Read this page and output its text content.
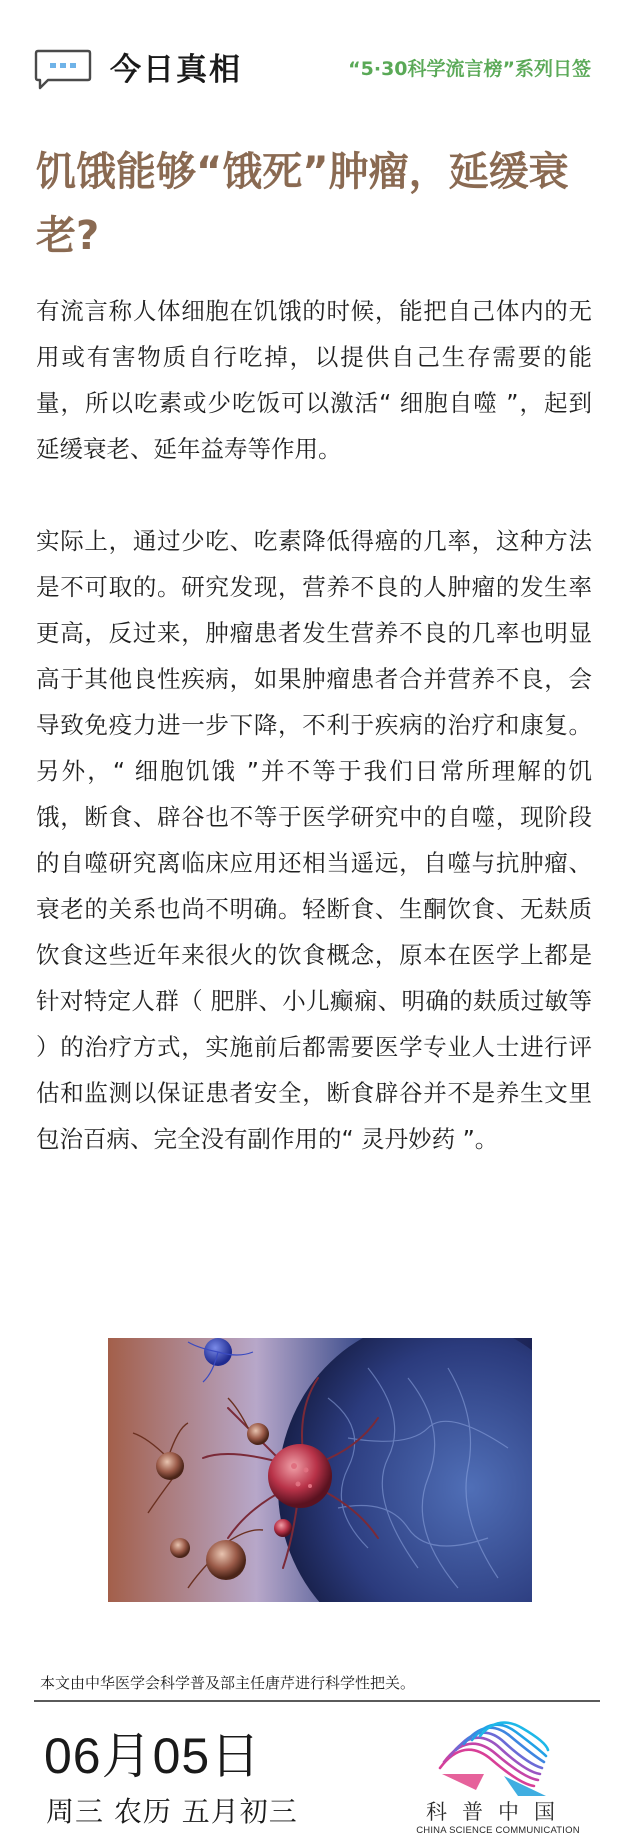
今日真相	“5·30科学流言榜”系列日签
饥饿能够“饿死”肿瘤，延缓衰老?

有流言称人体细胞在饥饿的时候，能把自己体内的无用或有害物质自行吃掉，以提供自己生存需要的能量，所以吃素或少吃饭可以激活“ 细胞自噬 ”，起到延缓衰老、延年益寿等作用。

实际上，通过少吃、吃素降低得癌的几率，这种方法是不可取的。研究发现，营养不良的人肿瘤的发生率更高，反过来，肿瘤患者发生营养不良的几率也明显高于其他良性疾病，如果肿瘤患者合并营养不良，会导致免疫力进一步下降，不利于疾病的治疗和康复。另外，“ 细胞饥饿 ”并不等于我们日常所理解的饥饿，断食、辟谷也不等于医学研究中的自噬，现阶段的自噬研究离临床应用还相当遥远，自噬与抗肿瘤、衰老的关系也尚不明确。轻断食、生酮饮食、无麸质饮食这些近年来很火的饮食概念，原本在医学上都是针对特定人群（ 肥胖、小儿癫痫、明确的麸质过敏等 ）的治疗方式，实施前后都需要医学专业人士进行评估和监测以保证患者安全，断食辟谷并不是养生文里包治百病、完全没有副作用的“ 灵丹妙药 ”。

本文由中华医学会科学普及部主任唐芹进行科学性把关。
06月05日
周三 农历 五月初三	科普中国
CHINA SCIENCE COMMUNICATION
